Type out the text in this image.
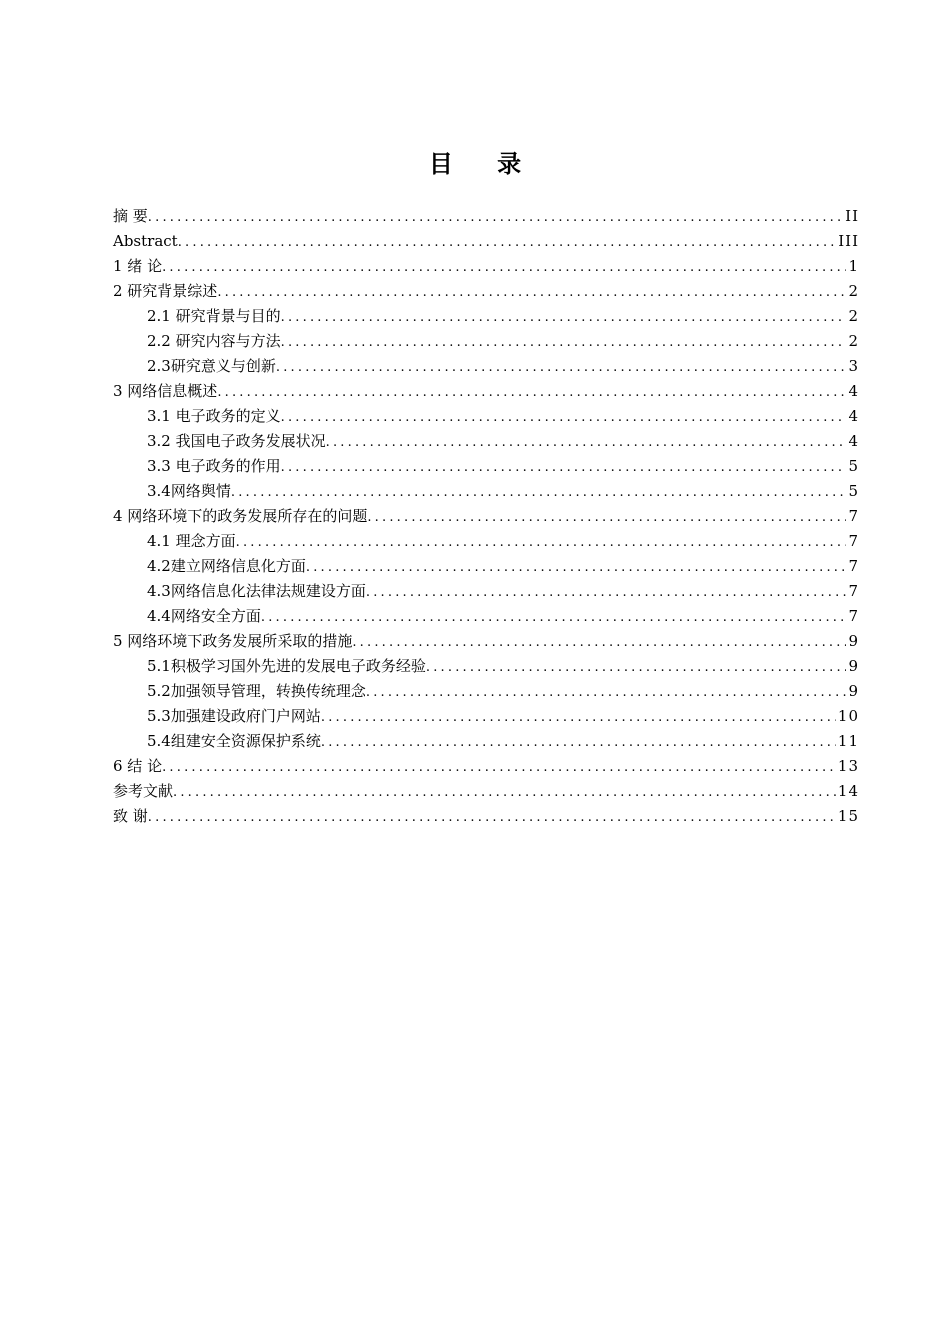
目 录
摘 要 .....	II
Abstract .....	III
1 绪 论 .....	1
2 研究背景综述 .....	2
2.1 研究背景与目的 .....	2
2.2 研究内容与方法 .....	2
2.3研究意义与创新 .....	3
3 网络信息概述 .....	4
3.1 电子政务的定义 .....	4
3.2 我国电子政务发展状况 .....	4
3.3 电子政务的作用 .....	5
3.4网络舆情 .....	5
4 网络环境下的政务发展所存在的问题 .....	7
4.1 理念方面 .....	7
4.2建立网络信息化方面 .....	7
4.3网络信息化法律法规建设方面 .....	7
4.4网络安全方面 .....	7
5 网络环境下政务发展所采取的措施 .....	9
5.1积极学习国外先进的发展电子政务经验 .....	9
5.2加强领导管理，转换传统理念 .....	9
5.3加强建设政府门户网站 .....	10
5.4组建安全资源保护系统 .....	11
6 结 论 .....	13
参考文献 .....	14
致 谢 .....	15
